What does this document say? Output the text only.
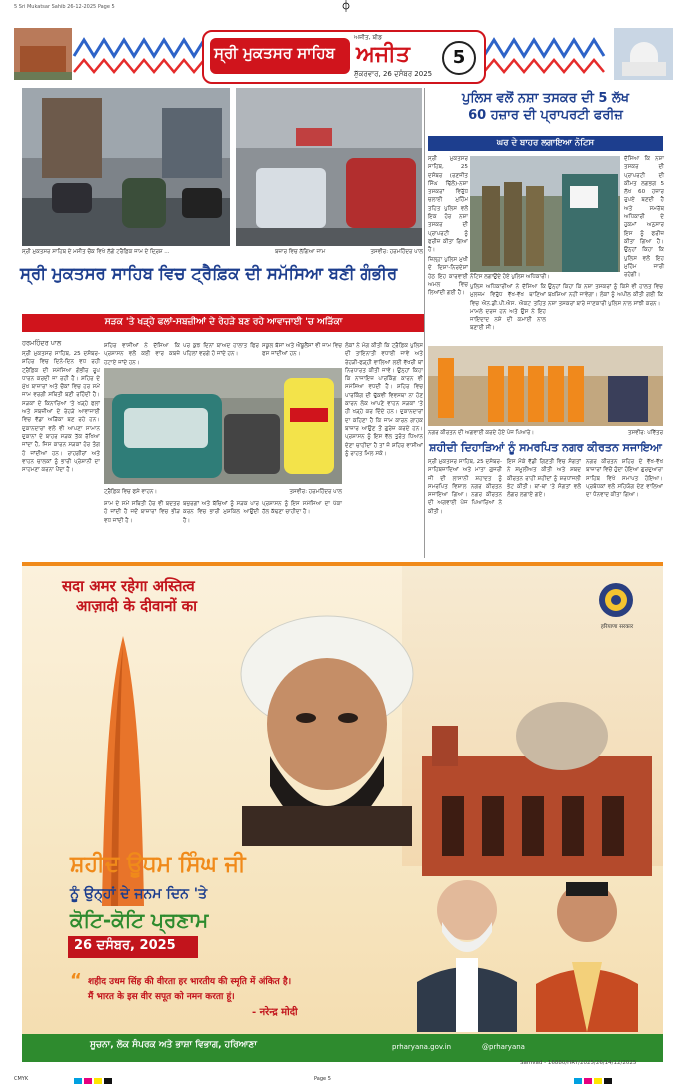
5 Sri Mukatsar Sahib 26-12-2025 Page 5
ਸ੍ਰੀ ਮੁਕਤਸਰ ਸਾਹਿਬ
ਅਜੀਤ, ਬੀਡ
ਅਜੀਤ
ਸ਼ੁੱਕਰਵਾਰ, 26 ਦਸੰਬਰ 2025
5
ਸ੍ਰੀ ਮੁਕਤਸਰ ਸਾਹਿਬ ਦੇ ਮਸੀਤ ਚੌਕ ਵਿਖੇ ਲੱਗੇ ਟਰੈਫ਼ਿਕ ਜਾਮ ਦੇ ਦ੍ਰਿਸ਼ ...	ਬਜ਼ਾਰ ਵਿਚ ਲੱਗਿਆ ਜਾਮ	ਤਸਵੀਰ: ਹਰਮਹਿੰਦਰ ਪਾਲ
ਪੁਲਿਸ ਵਲੋਂ ਨਸ਼ਾ ਤਸਕਰ ਦੀ 5 ਲੱਖ
60 ਹਜ਼ਾਰ ਦੀ ਪ੍ਰਾਪਰਟੀ ਫਰੀਜ਼
ਘਰ ਦੇ ਬਾਹਰ ਲਗਾਇਆ ਨੋਟਿਸ
ਸ੍ਰੀ ਮੁਕਤਸਰ ਸਾਹਿਬ, 25 ਦਸੰਬਰ (ਰਣਜੀਤ ਸਿੰਘ ਢਿੱਲੋਂ)-ਨਸ਼ਾ ਤਸਕਰਾਂ ਵਿਰੁੱਧ ਚਲਾਈ ਮੁਹਿੰਮ ਤਹਿਤ ਪੁਲਿਸ ਵਲੋਂ ਇਕ ਹੋਰ ਨਸ਼ਾ ਤਸਕਰ ਦੀ ਪ੍ਰਾਪਰਟੀ ਨੂੰ ਫਰੀਜ਼ ਕੀਤਾ ਗਿਆ ਹੈ।
ਦੱਸਿਆ ਕਿ ਨਸ਼ਾ ਤਸਕਰ ਦੀ ਪ੍ਰਾਪਰਟੀ ਦੀ ਕੀਮਤ ਲਗਭਗ 5 ਲੱਖ 60 ਹਜ਼ਾਰ ਰੁਪਏ ਬਣਦੀ ਹੈ ਅਤੇ ਸਮਰੱਥ ਅਧਿਕਾਰੀ ਦੇ ਹੁਕਮਾਂ ਅਨੁਸਾਰ ਇਸ ਨੂੰ ਫਰੀਜ਼ ਕੀਤਾ ਗਿਆ ਹੈ। ਉਨ੍ਹਾਂ ਕਿਹਾ ਕਿ ਪੁਲਿਸ ਵਲੋਂ ਇਹ ਮੁਹਿੰਮ ਜਾਰੀ ਰਹੇਗੀ।
ਨੋਟਿਸ ਲਗਾਉਂਦੇ ਹੋਏ ਪੁਲਿਸ ਅਧਿਕਾਰੀ।
ਜ਼ਿਲ੍ਹਾ ਪੁਲਿਸ ਮੁਖੀ ਦੇ ਦਿਸ਼ਾ-ਨਿਰਦੇਸ਼ਾਂ ਹੇਠ ਇਹ ਕਾਰਵਾਈ ਅਮਲ ਵਿਚ ਲਿਆਂਦੀ ਗਈ ਹੈ।
ਪੁਲਿਸ ਅਧਿਕਾਰੀਆਂ ਨੇ ਦੱਸਿਆ ਕਿ ਮੁਲਜ਼ਮ ਵਿਰੁੱਧ ਵੱਖ-ਵੱਖ ਥਾਣਿਆਂ ਵਿਚ ਐਨ.ਡੀ.ਪੀ.ਐਸ. ਐਕਟ ਤਹਿਤ ਮਾਮਲੇ ਦਰਜ ਹਨ ਅਤੇ ਉਸ ਨੇ ਇਹ ਜਾਇਦਾਦ ਨਸ਼ੇ ਦੀ ਕਮਾਈ ਨਾਲ ਬਣਾਈ ਸੀ।
ਉਨ੍ਹਾਂ ਕਿਹਾ ਕਿ ਨਸ਼ਾ ਤਸਕਰਾਂ ਨੂੰ ਕਿਸੇ ਵੀ ਹਾਲਤ ਵਿਚ ਬਖ਼ਸ਼ਿਆ ਨਹੀਂ ਜਾਵੇਗਾ। ਲੋਕਾਂ ਨੂੰ ਅਪੀਲ ਕੀਤੀ ਗਈ ਕਿ ਨਸ਼ਾ ਤਸਕਰਾਂ ਬਾਰੇ ਜਾਣਕਾਰੀ ਪੁਲਿਸ ਨਾਲ ਸਾਂਝੀ ਕਰਨ।
ਨਗਰ ਕੀਰਤਨ ਦੀ ਅਗਵਾਈ ਕਰਦੇ ਹੋਏ ਪੰਜ ਪਿਆਰੇ।	ਤਸਵੀਰ: ਪਵਿੱਤਰ
ਸ਼ਹੀਦੀ ਦਿਹਾੜਿਆਂ ਨੂੰ ਸਮਰਪਿਤ ਨਗਰ ਕੀਰਤਨ ਸਜਾਇਆ
ਸ੍ਰੀ ਮੁਕਤਸਰ ਸਾਹਿਬ, 25 ਦਸੰਬਰ-ਸਾਹਿਬਜ਼ਾਦਿਆਂ ਅਤੇ ਮਾਤਾ ਗੁਜਰੀ ਜੀ ਦੀ ਲਾਸਾਨੀ ਸ਼ਹਾਦਤ ਨੂੰ ਸਮਰਪਿਤ ਵਿਸ਼ਾਲ ਨਗਰ ਕੀਰਤਨ ਸਜਾਇਆ ਗਿਆ। ਨਗਰ ਕੀਰਤਨ ਦੀ ਅਗਵਾਈ ਪੰਜ ਪਿਆਰਿਆਂ ਨੇ ਕੀਤੀ।
ਇਸ ਮੌਕੇ ਵੱਡੀ ਗਿਣਤੀ ਵਿਚ ਸੰਗਤਾਂ ਨੇ ਸ਼ਮੂਲੀਅਤ ਕੀਤੀ ਅਤੇ ਸ਼ਬਦ ਕੀਰਤਨ ਰਾਹੀਂ ਸ਼ਹੀਦਾਂ ਨੂੰ ਸ਼ਰਧਾਂਜਲੀ ਭੇਟ ਕੀਤੀ। ਥਾਂ-ਥਾਂ 'ਤੇ ਸੰਗਤਾਂ ਵਲੋਂ ਲੰਗਰ ਲਗਾਏ ਗਏ।
ਨਗਰ ਕੀਰਤਨ ਸ਼ਹਿਰ ਦੇ ਵੱਖ-ਵੱਖ ਬਾਜ਼ਾਰਾਂ ਵਿਚੋਂ ਹੁੰਦਾ ਹੋਇਆ ਗੁਰਦੁਆਰਾ ਸਾਹਿਬ ਵਿਖੇ ਸਮਾਪਤ ਹੋਇਆ। ਪ੍ਰਬੰਧਕਾਂ ਵਲੋਂ ਸਹਿਯੋਗ ਦੇਣ ਵਾਲਿਆਂ ਦਾ ਧੰਨਵਾਦ ਕੀਤਾ ਗਿਆ।
ਸ੍ਰੀ ਮੁਕਤਸਰ ਸਾਹਿਬ ਵਿਚ ਟ੍ਰੈਫ਼ਿਕ ਦੀ ਸਮੱਸਿਆ ਬਣੀ ਗੰਭੀਰ
ਸੜਕ 'ਤੇ ਖੜ੍ਹੇ ਫਲਾਂ-ਸਬਜ਼ੀਆਂ ਦੇ ਰੇਹੜੇ ਬਣ ਰਹੇ ਆਵਾਜਾਈ 'ਚ ਅੜਿੱਕਾ
ਹਰਮਹਿੰਦਰ ਪਾਲ
ਸ੍ਰੀ ਮੁਕਤਸਰ ਸਾਹਿਬ, 25 ਦਸੰਬਰ-ਸ਼ਹਿਰ ਵਿਚ ਦਿਨੋ-ਦਿਨ ਵਧ ਰਹੀ ਟ੍ਰੈਫ਼ਿਕ ਦੀ ਸਮੱਸਿਆ ਗੰਭੀਰ ਰੂਪ ਧਾਰਨ ਕਰਦੀ ਜਾ ਰਹੀ ਹੈ। ਸ਼ਹਿਰ ਦੇ ਮੁੱਖ ਬਾਜ਼ਾਰਾਂ ਅਤੇ ਚੌਕਾਂ ਵਿਚ ਹਰ ਸਮੇਂ ਜਾਮ ਵਰਗੀ ਸਥਿਤੀ ਬਣੀ ਰਹਿੰਦੀ ਹੈ। ਸੜਕਾਂ ਦੇ ਕਿਨਾਰਿਆਂ 'ਤੇ ਖੜ੍ਹੇ ਫਲਾਂ ਅਤੇ ਸਬਜ਼ੀਆਂ ਦੇ ਰੇਹੜੇ ਆਵਾਜਾਈ ਵਿਚ ਵੱਡਾ ਅੜਿੱਕਾ ਬਣ ਰਹੇ ਹਨ। ਦੁਕਾਨਦਾਰਾਂ ਵਲੋਂ ਵੀ ਆਪਣਾ ਸਾਮਾਨ ਦੁਕਾਨਾਂ ਦੇ ਬਾਹਰ ਸੜਕ ਤੱਕ ਰੱਖਿਆ ਜਾਂਦਾ ਹੈ, ਜਿਸ ਕਾਰਨ ਸੜਕਾਂ ਹੋਰ ਤੰਗ ਹੋ ਜਾਂਦੀਆਂ ਹਨ। ਰਾਹਗੀਰਾਂ ਅਤੇ ਵਾਹਨ ਚਾਲਕਾਂ ਨੂੰ ਭਾਰੀ ਪ੍ਰੇਸ਼ਾਨੀ ਦਾ ਸਾਹਮਣਾ ਕਰਨਾ ਪੈਂਦਾ ਹੈ।
ਸ਼ਹਿਰ ਵਾਸੀਆਂ ਨੇ ਦੱਸਿਆ ਕਿ ਪ੍ਰਸ਼ਾਸਨ ਵਲੋਂ ਕਈ ਵਾਰ ਕਬਜ਼ੇ ਹਟਾਏ ਜਾਂਦੇ ਹਨ।
ਪਰ ਕੁਝ ਦਿਨਾਂ ਬਾਅਦ ਹਾਲਾਤ ਫਿਰ ਪਹਿਲਾਂ ਵਰਗੇ ਹੋ ਜਾਂਦੇ ਹਨ।
ਸਕੂਲ ਬੱਸਾਂ ਅਤੇ ਐਂਬੂਲੈਂਸਾਂ ਵੀ ਜਾਮ ਵਿਚ ਫਸ ਜਾਂਦੀਆਂ ਹਨ।
ਲੋਕਾਂ ਨੇ ਮੰਗ ਕੀਤੀ ਕਿ ਟ੍ਰੈਫ਼ਿਕ ਪੁਲਿਸ ਦੀ ਤਾਇਨਾਤੀ ਵਧਾਈ ਜਾਵੇ ਅਤੇ ਰੇਹੜੀ-ਫੜ੍ਹੀ ਵਾਲਿਆਂ ਲਈ ਵੱਖਰੀ ਥਾਂ ਨਿਰਧਾਰਤ ਕੀਤੀ ਜਾਵੇ। ਉਨ੍ਹਾਂ ਕਿਹਾ ਕਿ ਨਾਜਾਇਜ਼ ਪਾਰਕਿੰਗ ਕਾਰਨ ਵੀ ਸਮੱਸਿਆ ਵਧਦੀ ਹੈ। ਸ਼ਹਿਰ ਵਿਚ ਪਾਰਕਿੰਗ ਦੀ ਢੁੱਕਵੀਂ ਵਿਵਸਥਾ ਨਾ ਹੋਣ ਕਾਰਨ ਲੋਕ ਆਪਣੇ ਵਾਹਨ ਸੜਕਾਂ 'ਤੇ ਹੀ ਖੜ੍ਹੇ ਕਰ ਦਿੰਦੇ ਹਨ। ਦੁਕਾਨਦਾਰਾਂ ਦਾ ਕਹਿਣਾ ਹੈ ਕਿ ਜਾਮ ਕਾਰਨ ਗਾਹਕ ਬਾਜ਼ਾਰ ਆਉਣ ਤੋਂ ਗੁਰੇਜ਼ ਕਰਦੇ ਹਨ। ਪ੍ਰਸ਼ਾਸਨ ਨੂੰ ਇਸ ਵੱਲ ਤੁਰੰਤ ਧਿਆਨ ਦੇਣਾ ਚਾਹੀਦਾ ਹੈ ਤਾਂ ਜੋ ਸ਼ਹਿਰ ਵਾਸੀਆਂ ਨੂੰ ਰਾਹਤ ਮਿਲ ਸਕੇ।
ਟ੍ਰੈਫ਼ਿਕ ਵਿਚ ਫਸੇ ਵਾਹਨ।	ਤਸਵੀਰ: ਹਰਮਹਿੰਦਰ ਪਾਲ
ਸ਼ਾਮ ਦੇ ਸਮੇਂ ਸਥਿਤੀ ਹੋਰ ਵੀ ਬਦਤਰ ਹੋ ਜਾਂਦੀ ਹੈ ਜਦੋਂ ਬਾਜ਼ਾਰਾਂ ਵਿਚ ਭੀੜ ਵਧ ਜਾਂਦੀ ਹੈ।
ਬਜ਼ੁਰਗਾਂ ਅਤੇ ਬੱਚਿਆਂ ਨੂੰ ਸੜਕ ਪਾਰ ਕਰਨ ਵਿਚ ਭਾਰੀ ਮੁਸ਼ਕਿਲ ਆਉਂਦੀ ਹੈ।
ਪ੍ਰਸ਼ਾਸਨ ਨੂੰ ਇਸ ਸਮੱਸਿਆ ਦਾ ਪੱਕਾ ਹੱਲ ਕੱਢਣਾ ਚਾਹੀਦਾ ਹੈ।
सदा अमर रहेगा अस्तित्व
आज़ादी के दीवानों का
हरियाणा सरकार
ਸ਼ਹੀਦ ਊਧਮ ਸਿੰਘ ਜੀ
ਨੂੰ ਉਨ੍ਹਾਂ ਦੇ ਜਨਮ ਦਿਨ 'ਤੇ
ਕੋਟਿ-ਕੋਟਿ ਪ੍ਰਣਾਮ
26 ਦਸੰਬਰ, 2025
“ शहीद उधम सिंह की वीरता हर भारतीय की स्मृति में अंकित है।
मैं भारत के इस वीर सपूत को नमन करता हूं।
- नरेन्द्र मोदी
ਸੂਚਨਾ, ਲੋਕ ਸੰਪਰਕ ਅਤੇ ਭਾਸ਼ਾ ਵਿਭਾਗ, ਹਰਿਆਣਾ	prharyana.gov.in	@prharyana
Samvad - 16880/HRY/2025/26/14/12/2025
CMYK	Page 5
